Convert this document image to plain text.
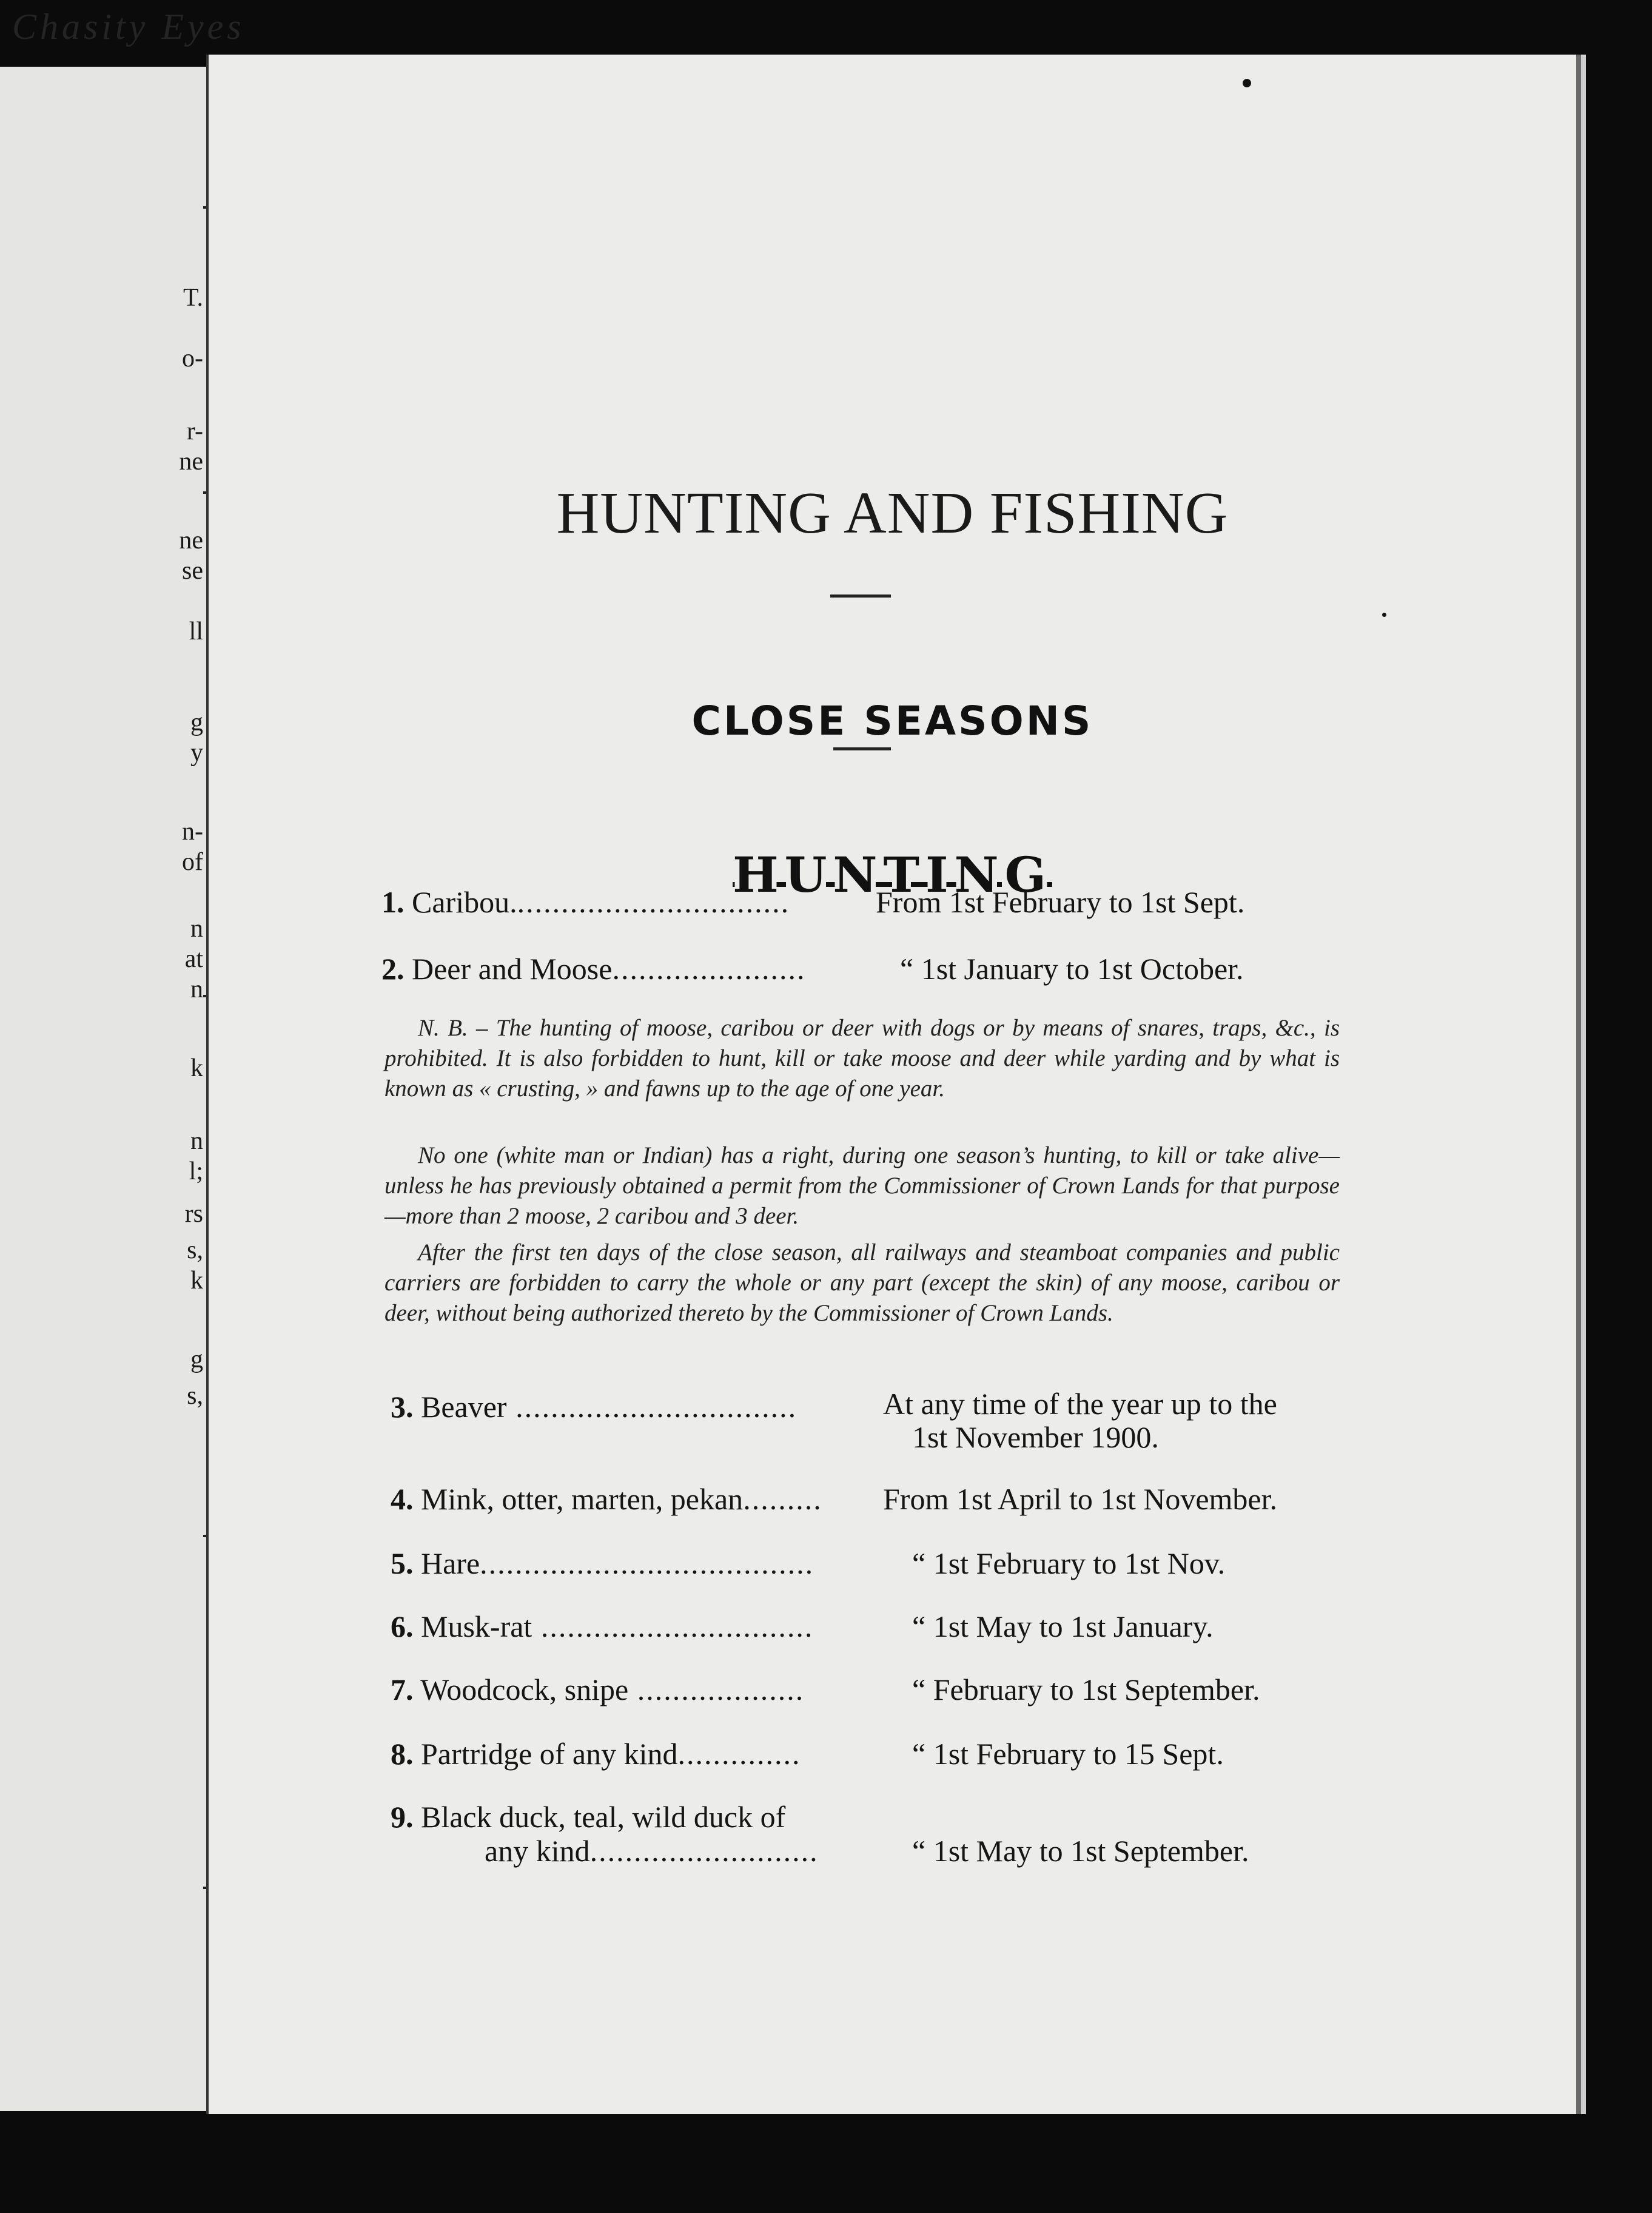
Chasity Eyes
T.
o-
r-
ne
ne
se
ll
g
y
n-
of
n
at
n
k
n
l;
rs
s,
k
g
s,
HUNTING AND FISHING
CLOSE SEASONS
HUNTING
1. Caribou................................	From 1st February to 1st Sept.
2. Deer and Moose......................	“ 1st January to 1st October.

N. B. – The hunting of moose, caribou or deer with dogs or by means of snares, traps, &c., is prohibited. It is also forbidden to hunt, kill or take moose and deer while yarding and by what is known as « crusting, » and fawns up to the age of one year.

No one (white man or Indian) has a right, during one season’s hunting, to kill or take alive—unless he has previously obtained a permit from the Commissioner of Crown Lands for that purpose—more than 2 moose, 2 caribou and 3 deer.

After the first ten days of the close season, all railways and steamboat companies and public carriers are forbidden to carry the whole or any part (except the skin) of any moose, caribou or deer, without being authorized thereto by the Commissioner of Crown Lands.

3. Beaver ................................	At any time of the year up to the
1st November 1900.
4. Mink, otter, marten, pekan......... From 1st April to 1st November.
5. Hare......................................	“ 1st February to 1st Nov.
6. Musk-rat ...............................	“ 1st May to 1st January.
7. Woodcock, snipe ...................	“ February to 1st September.
8. Partridge of any kind..............	“ 1st February to 15 Sept.
9. Black duck, teal, wild duck of
any kind..........................	“ 1st May to 1st September.
